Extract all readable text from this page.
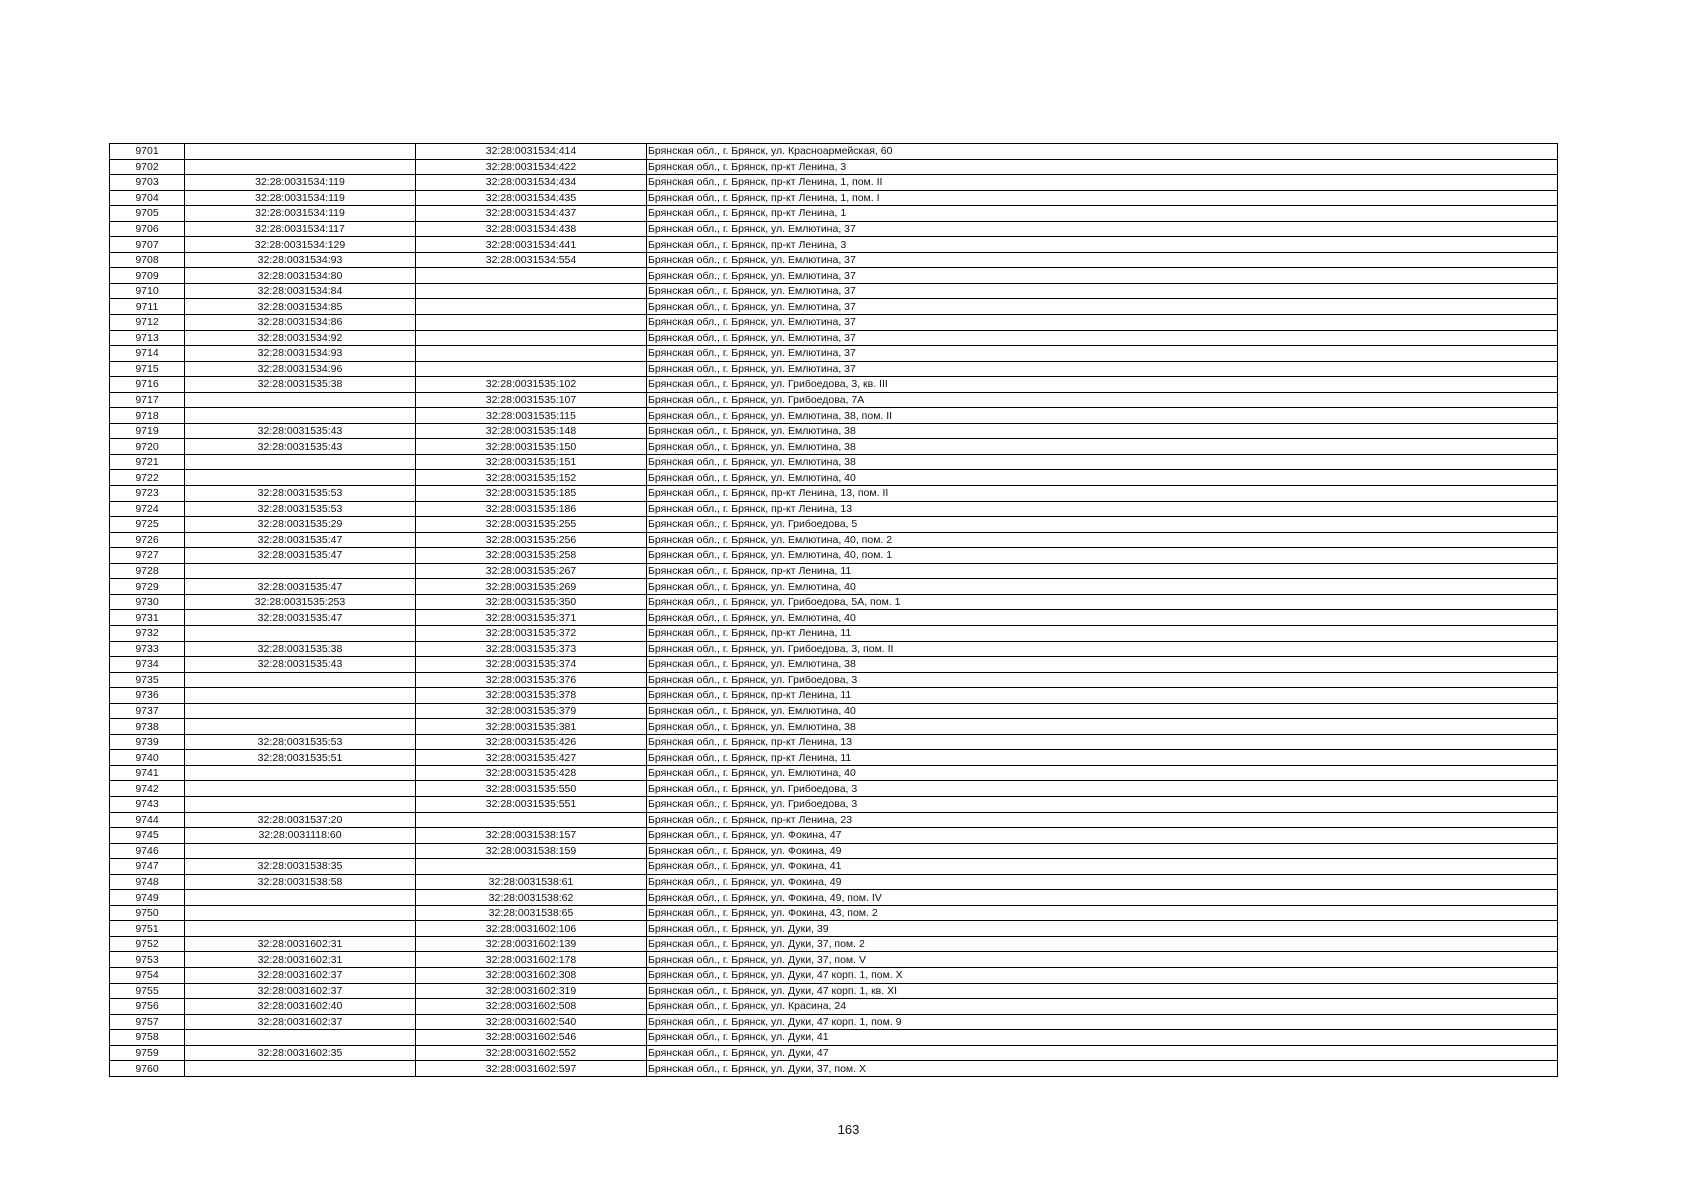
9701		32:28:0031534:414	Брянская обл., г. Брянск, ул. Красноармейская, 60
9702		32:28:0031534:422	Брянская обл., г. Брянск, пр-кт Ленина, 3
9703	32:28:0031534:119	32:28:0031534:434	Брянская обл., г. Брянск, пр-кт Ленина, 1, пом. II
9704	32:28:0031534:119	32:28:0031534:435	Брянская обл., г. Брянск, пр-кт Ленина, 1, пом. I
9705	32:28:0031534:119	32:28:0031534:437	Брянская обл., г. Брянск, пр-кт Ленина, 1
9706	32:28:0031534:117	32:28:0031534:438	Брянская обл., г. Брянск, ул. Емлютина, 37
9707	32:28:0031534:129	32:28:0031534:441	Брянская обл., г. Брянск, пр-кт Ленина, 3
9708	32:28:0031534:93	32:28:0031534:554	Брянская обл., г. Брянск, ул. Емлютина, 37
9709	32:28:0031534:80		Брянская обл., г. Брянск, ул. Емлютина, 37
9710	32:28:0031534:84		Брянская обл., г. Брянск, ул. Емлютина, 37
9711	32:28:0031534:85		Брянская обл., г. Брянск, ул. Емлютина, 37
9712	32:28:0031534:86		Брянская обл., г. Брянск, ул. Емлютина, 37
9713	32:28:0031534:92		Брянская обл., г. Брянск, ул. Емлютина, 37
9714	32:28:0031534:93		Брянская обл., г. Брянск, ул. Емлютина, 37
9715	32:28:0031534:96		Брянская обл., г. Брянск, ул. Емлютина, 37
9716	32:28:0031535:38	32:28:0031535:102	Брянская обл., г. Брянск, ул. Грибоедова, 3, кв. III
9717		32:28:0031535:107	Брянская обл., г. Брянск, ул. Грибоедова, 7А
9718		32:28:0031535:115	Брянская обл., г. Брянск, ул. Емлютина, 38, пом. II
9719	32:28:0031535:43	32:28:0031535:148	Брянская обл., г. Брянск, ул. Емлютина, 38
9720	32:28:0031535:43	32:28:0031535:150	Брянская обл., г. Брянск, ул. Емлютина, 38
9721		32:28:0031535:151	Брянская обл., г. Брянск, ул. Емлютина, 38
9722		32:28:0031535:152	Брянская обл., г. Брянск, ул. Емлютина, 40
9723	32:28:0031535:53	32:28:0031535:185	Брянская обл., г. Брянск, пр-кт Ленина, 13, пом. II
9724	32:28:0031535:53	32:28:0031535:186	Брянская обл., г. Брянск, пр-кт Ленина, 13
9725	32:28:0031535:29	32:28:0031535:255	Брянская обл., г. Брянск, ул. Грибоедова, 5
9726	32:28:0031535:47	32:28:0031535:256	Брянская обл., г. Брянск, ул. Емлютина, 40, пом. 2
9727	32:28:0031535:47	32:28:0031535:258	Брянская обл., г. Брянск, ул. Емлютина, 40, пом. 1
9728		32:28:0031535:267	Брянская обл., г. Брянск, пр-кт Ленина, 11
9729	32:28:0031535:47	32:28:0031535:269	Брянская обл., г. Брянск, ул. Емлютина, 40
9730	32:28:0031535:253	32:28:0031535:350	Брянская обл., г. Брянск, ул. Грибоедова, 5А, пом. 1
9731	32:28:0031535:47	32:28:0031535:371	Брянская обл., г. Брянск, ул. Емлютина, 40
9732		32:28:0031535:372	Брянская обл., г. Брянск, пр-кт Ленина, 11
9733	32:28:0031535:38	32:28:0031535:373	Брянская обл., г. Брянск, ул. Грибоедова, 3, пом. II
9734	32:28:0031535:43	32:28:0031535:374	Брянская обл., г. Брянск, ул. Емлютина, 38
9735		32:28:0031535:376	Брянская обл., г. Брянск, ул. Грибоедова, 3
9736		32:28:0031535:378	Брянская обл., г. Брянск, пр-кт Ленина, 11
9737		32:28:0031535:379	Брянская обл., г. Брянск, ул. Емлютина, 40
9738		32:28:0031535:381	Брянская обл., г. Брянск, ул. Емлютина, 38
9739	32:28:0031535:53	32:28:0031535:426	Брянская обл., г. Брянск, пр-кт Ленина, 13
9740	32:28:0031535:51	32:28:0031535:427	Брянская обл., г. Брянск, пр-кт Ленина, 11
9741		32:28:0031535:428	Брянская обл., г. Брянск, ул. Емлютина, 40
9742		32:28:0031535:550	Брянская обл., г. Брянск, ул. Грибоедова, 3
9743		32:28:0031535:551	Брянская обл., г. Брянск, ул. Грибоедова, 3
9744	32:28:0031537:20		Брянская обл., г. Брянск, пр-кт Ленина, 23
9745	32:28:0031118:60	32:28:0031538:157	Брянская обл., г. Брянск, ул. Фокина, 47
9746		32:28:0031538:159	Брянская обл., г. Брянск, ул. Фокина, 49
9747	32:28:0031538:35		Брянская обл., г. Брянск, ул. Фокина, 41
9748	32:28:0031538:58	32:28:0031538:61	Брянская обл., г. Брянск, ул. Фокина, 49
9749		32:28:0031538:62	Брянская обл., г. Брянск, ул. Фокина, 49, пом. IV
9750		32:28:0031538:65	Брянская обл., г. Брянск, ул. Фокина, 43, пом. 2
9751		32:28:0031602:106	Брянская обл., г. Брянск, ул. Дуки, 39
9752	32:28:0031602:31	32:28:0031602:139	Брянская обл., г. Брянск, ул. Дуки, 37, пом. 2
9753	32:28:0031602:31	32:28:0031602:178	Брянская обл., г. Брянск, ул. Дуки, 37, пом. V
9754	32:28:0031602:37	32:28:0031602:308	Брянская обл., г. Брянск, ул. Дуки, 47 корп. 1, пом. X
9755	32:28:0031602:37	32:28:0031602:319	Брянская обл., г. Брянск, ул. Дуки, 47 корп. 1, кв. XI
9756	32:28:0031602:40	32:28:0031602:508	Брянская обл., г. Брянск, ул. Красина, 24
9757	32:28:0031602:37	32:28:0031602:540	Брянская обл., г. Брянск, ул. Дуки, 47 корп. 1, пом. 9
9758		32:28:0031602:546	Брянская обл., г. Брянск, ул. Дуки, 41
9759	32:28:0031602:35	32:28:0031602:552	Брянская обл., г. Брянск, ул. Дуки, 47
9760		32:28:0031602:597	Брянская обл., г. Брянск, ул. Дуки, 37, пом. X
163
